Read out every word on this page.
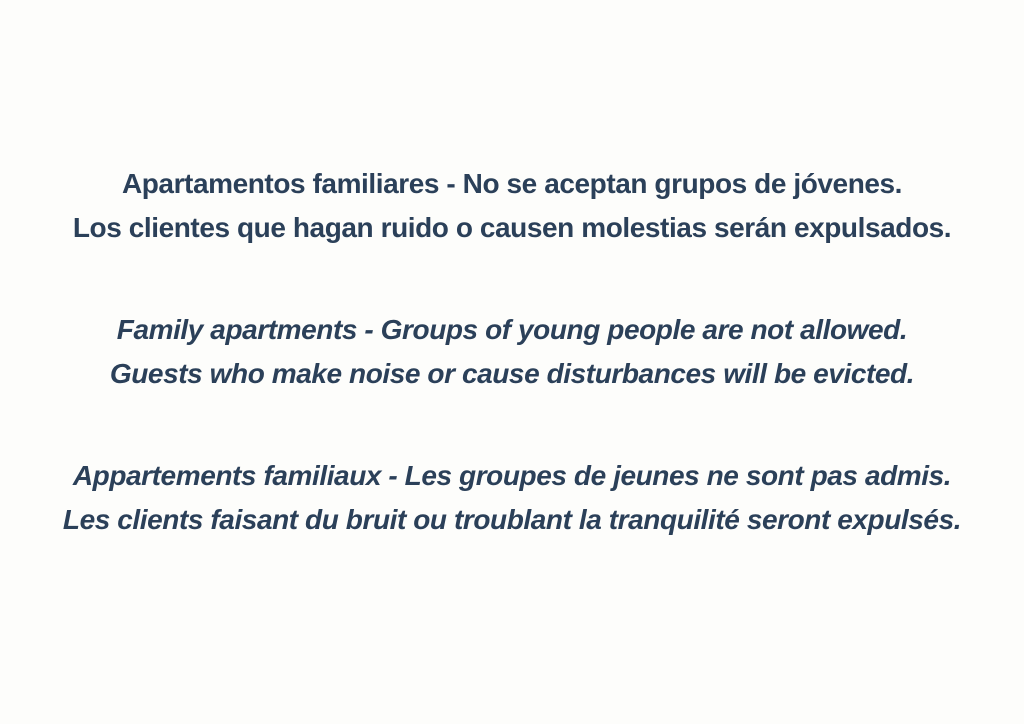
Apartamentos familiares - No se aceptan grupos de jóvenes.
Los clientes que hagan ruido o causen molestias serán expulsados.
Family apartments - Groups of young people are not allowed.
Guests who make noise or cause disturbances will be evicted.
Appartements familiaux - Les groupes de jeunes ne sont pas admis.
Les clients faisant du bruit ou troublant la tranquilité seront expulsés.
